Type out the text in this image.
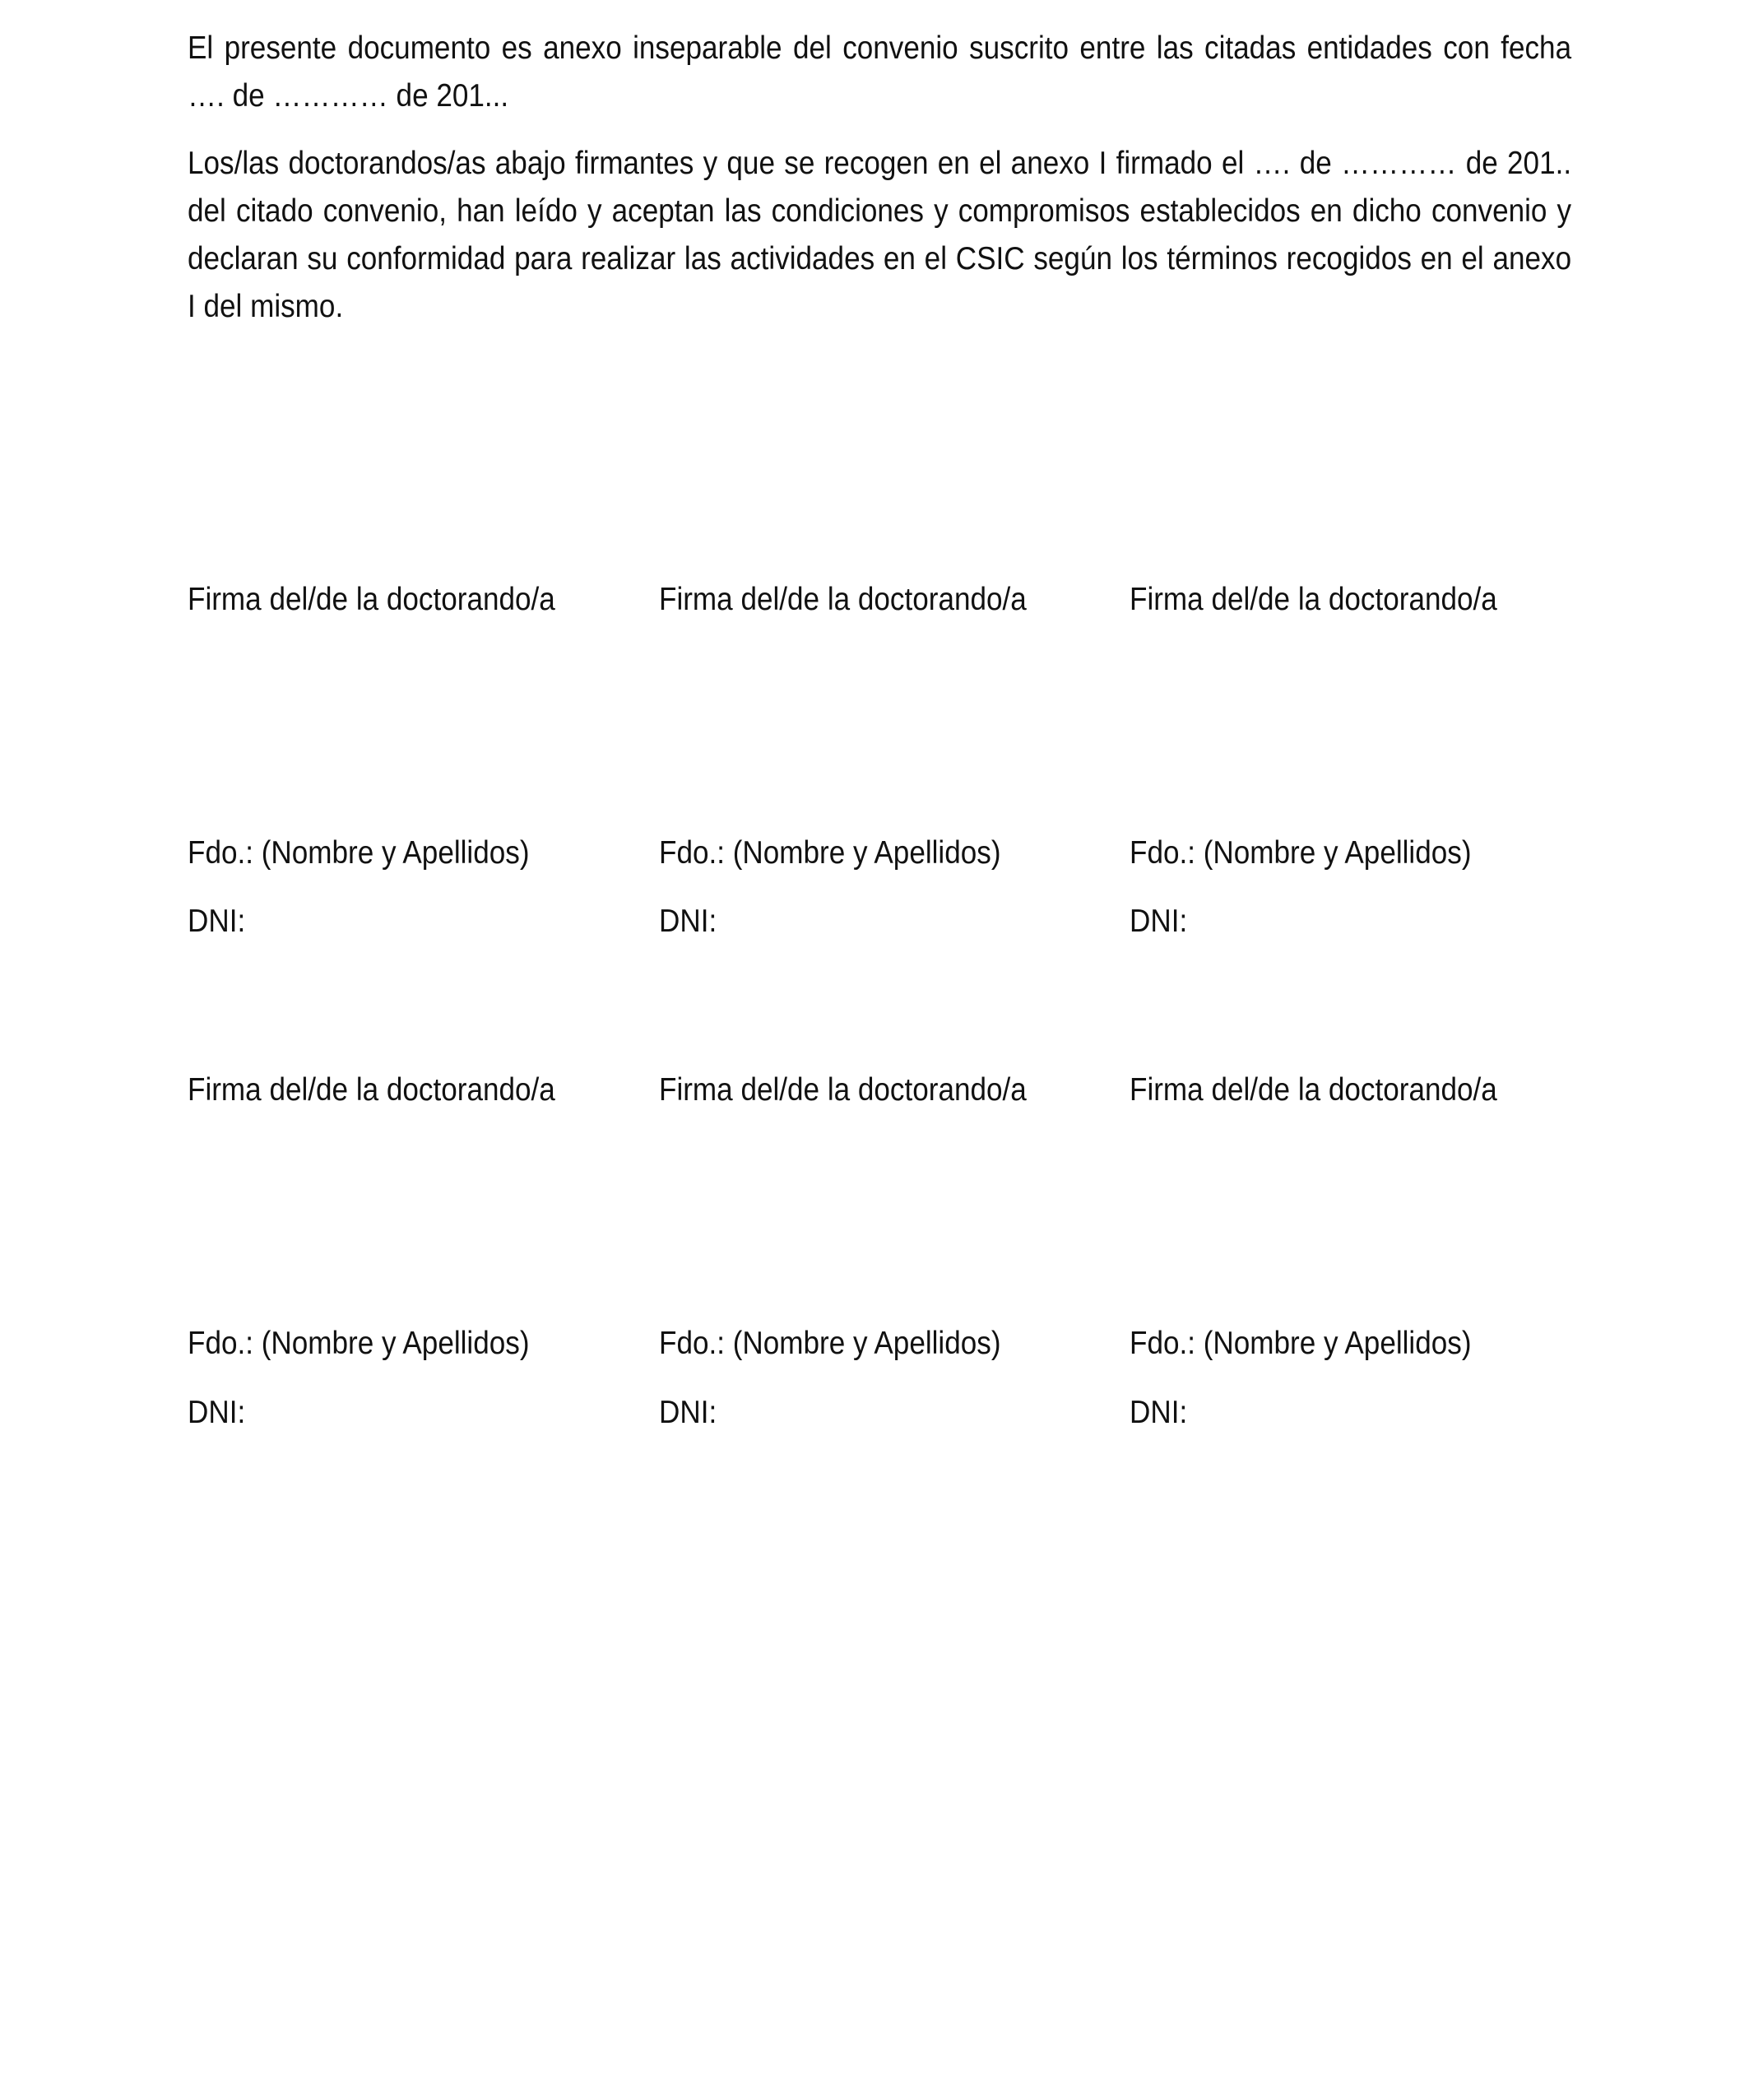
El presente documento es anexo inseparable del convenio suscrito entre las citadas entidades con fecha …. de ………… de 201...

Los/las doctorandos/as abajo firmantes y que se recogen en el anexo I firmado el …. de ………… de 201.. del citado convenio, han leído y aceptan las condiciones y compromisos establecidos en dicho convenio y declaran su conformidad para realizar las actividades en el CSIC según los términos recogidos en el anexo I del mismo.

Firma del/de la doctorando/a

Fdo.: (Nombre y Apellidos)

DNI:

Firma del/de la doctorando/a

Fdo.: (Nombre y Apellidos)

DNI:

Firma del/de la doctorando/a

Fdo.: (Nombre y Apellidos)

DNI:

Firma del/de la doctorando/a

Fdo.: (Nombre y Apellidos)

DNI:

Firma del/de la doctorando/a

Fdo.: (Nombre y Apellidos)

DNI:

Firma del/de la doctorando/a

Fdo.: (Nombre y Apellidos)

DNI:
